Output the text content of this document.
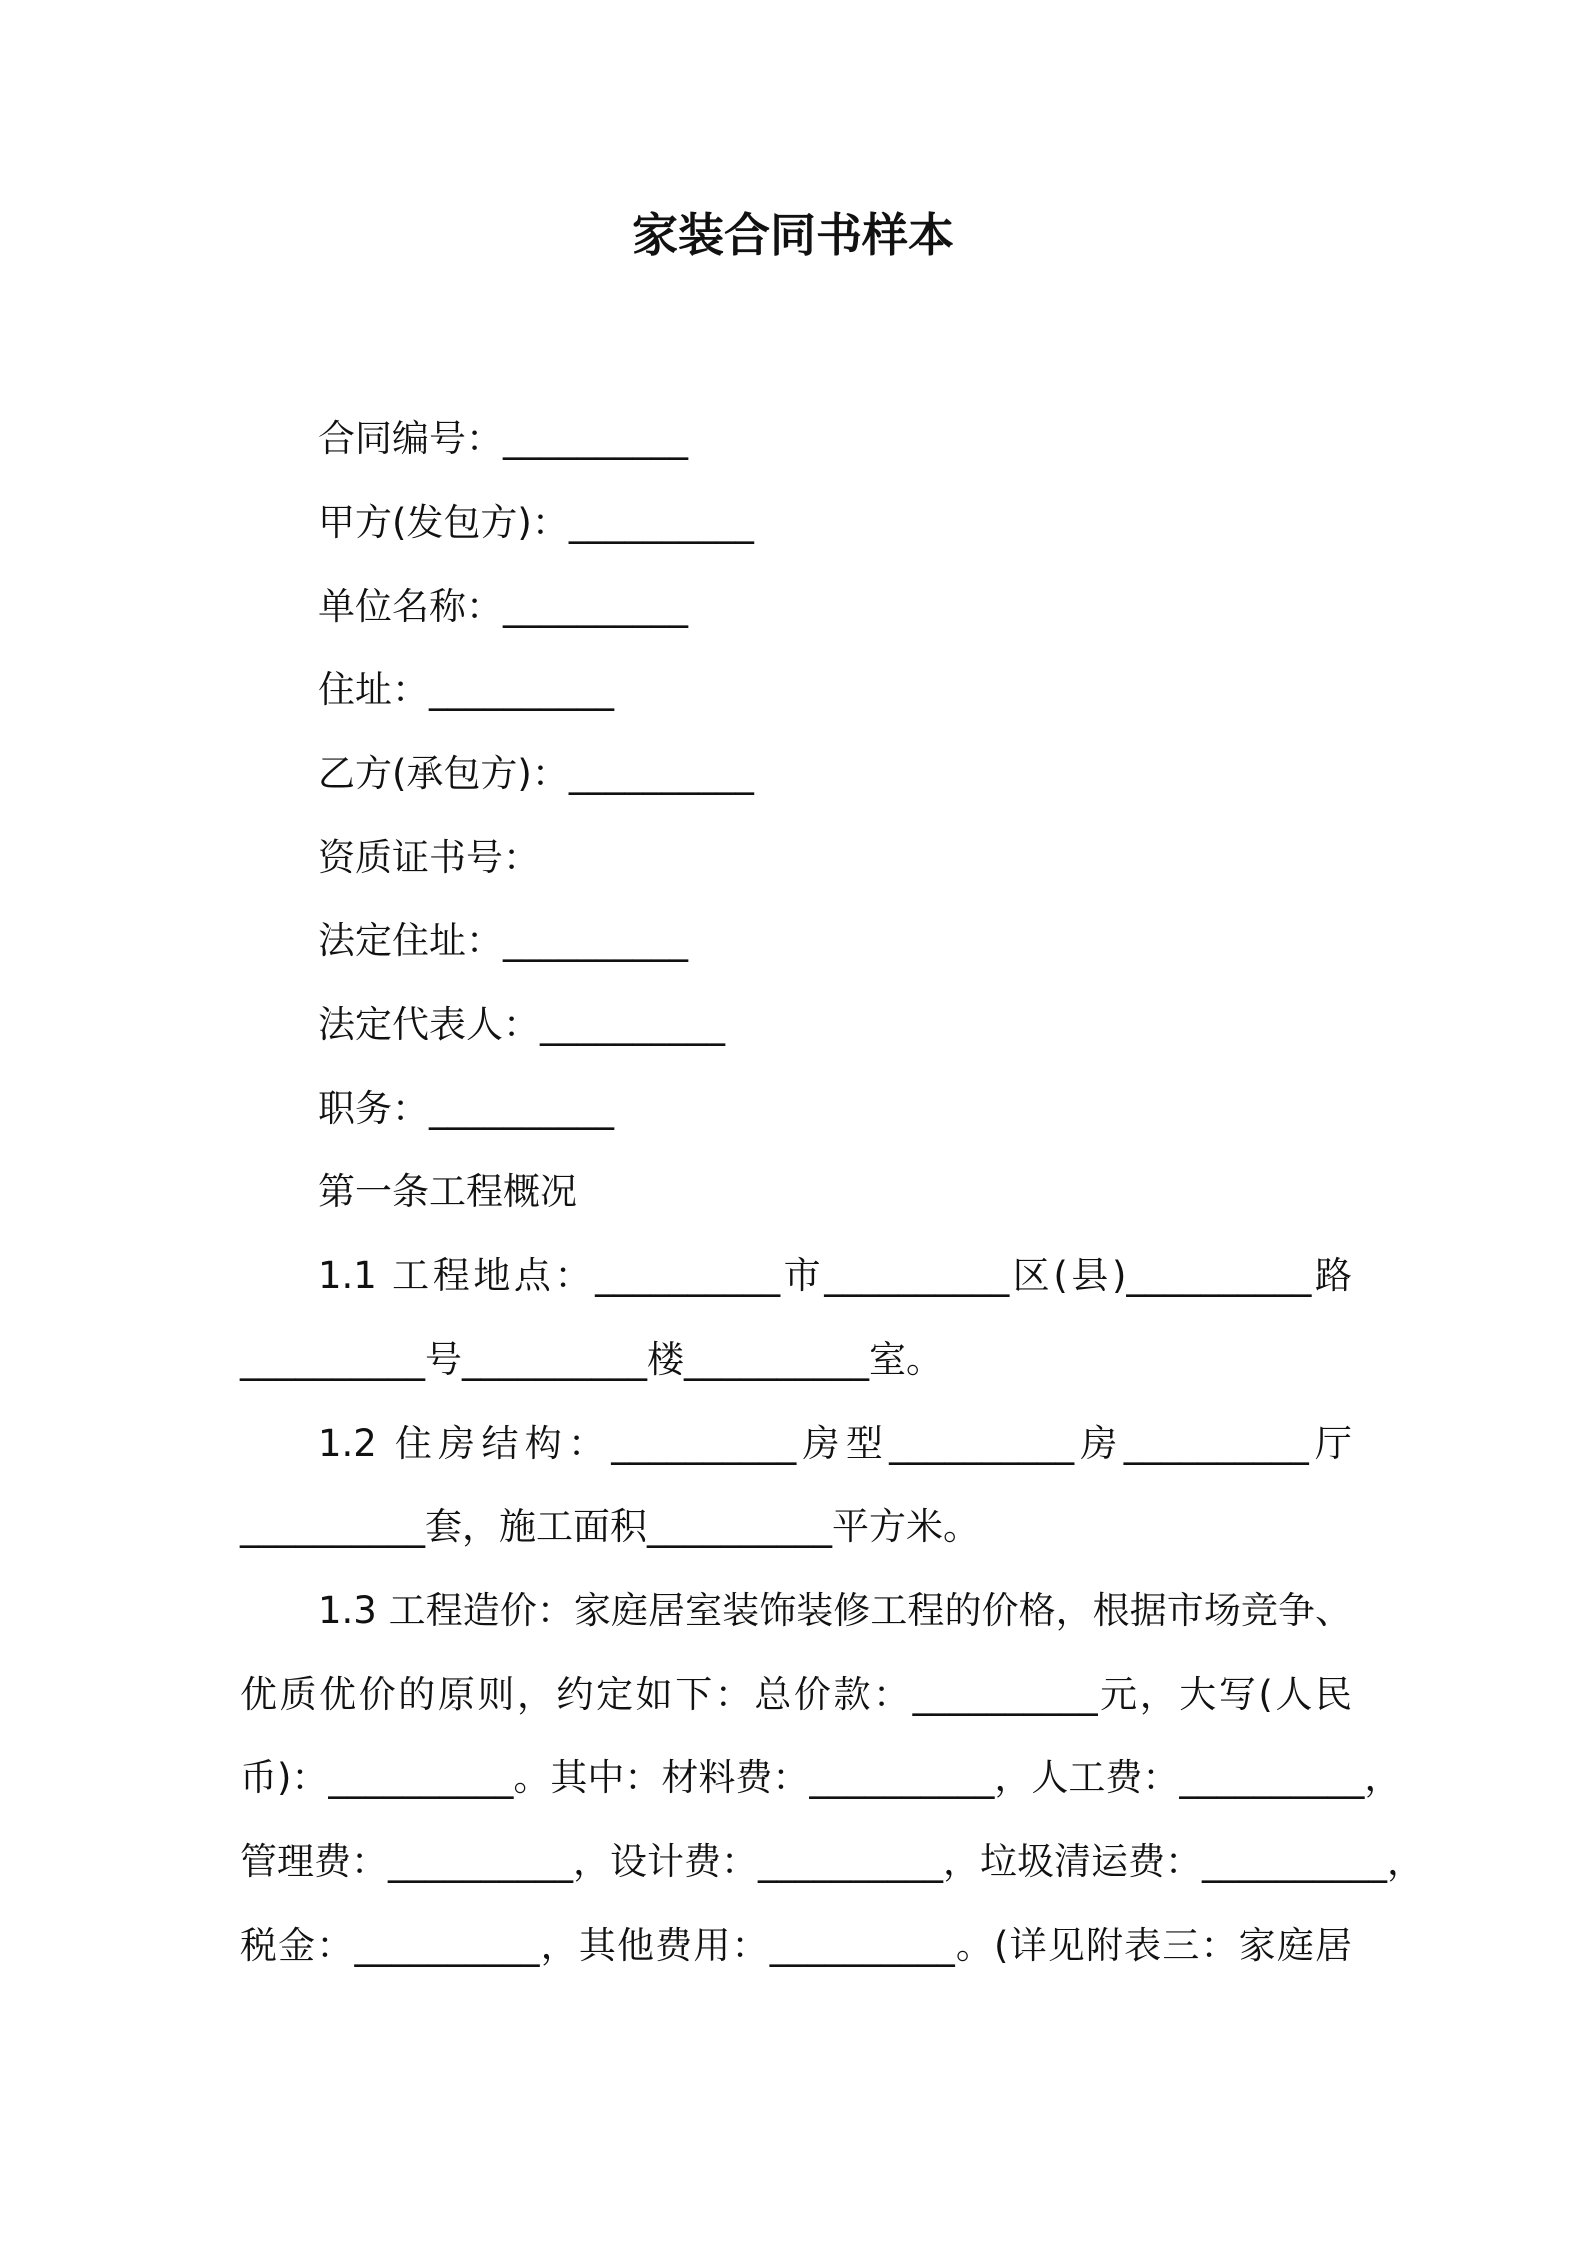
家装合同书样本
合同编号：__________
甲方(发包方)：__________
单位名称：__________
住址：__________
乙方(承包方)：__________
资质证书号：
法定住址：__________
法定代表人：__________
职务：__________
第一条工程概况
1.1 工程地点：__________市__________区(县)__________路
__________号__________楼__________室。
1.2 住房结构：__________房型__________房__________厅
__________套，施工面积__________平方米。
1.3 工程造价：家庭居室装饰装修工程的价格，根据市场竞争、
优质优价的原则，约定如下：总价款：__________元，大写(人民
币)：__________。其中：材料费：__________，人工费：__________，
管理费：__________，设计费：__________，垃圾清运费：__________，
税金：__________，其他费用：__________。(详见附表三：家庭居
